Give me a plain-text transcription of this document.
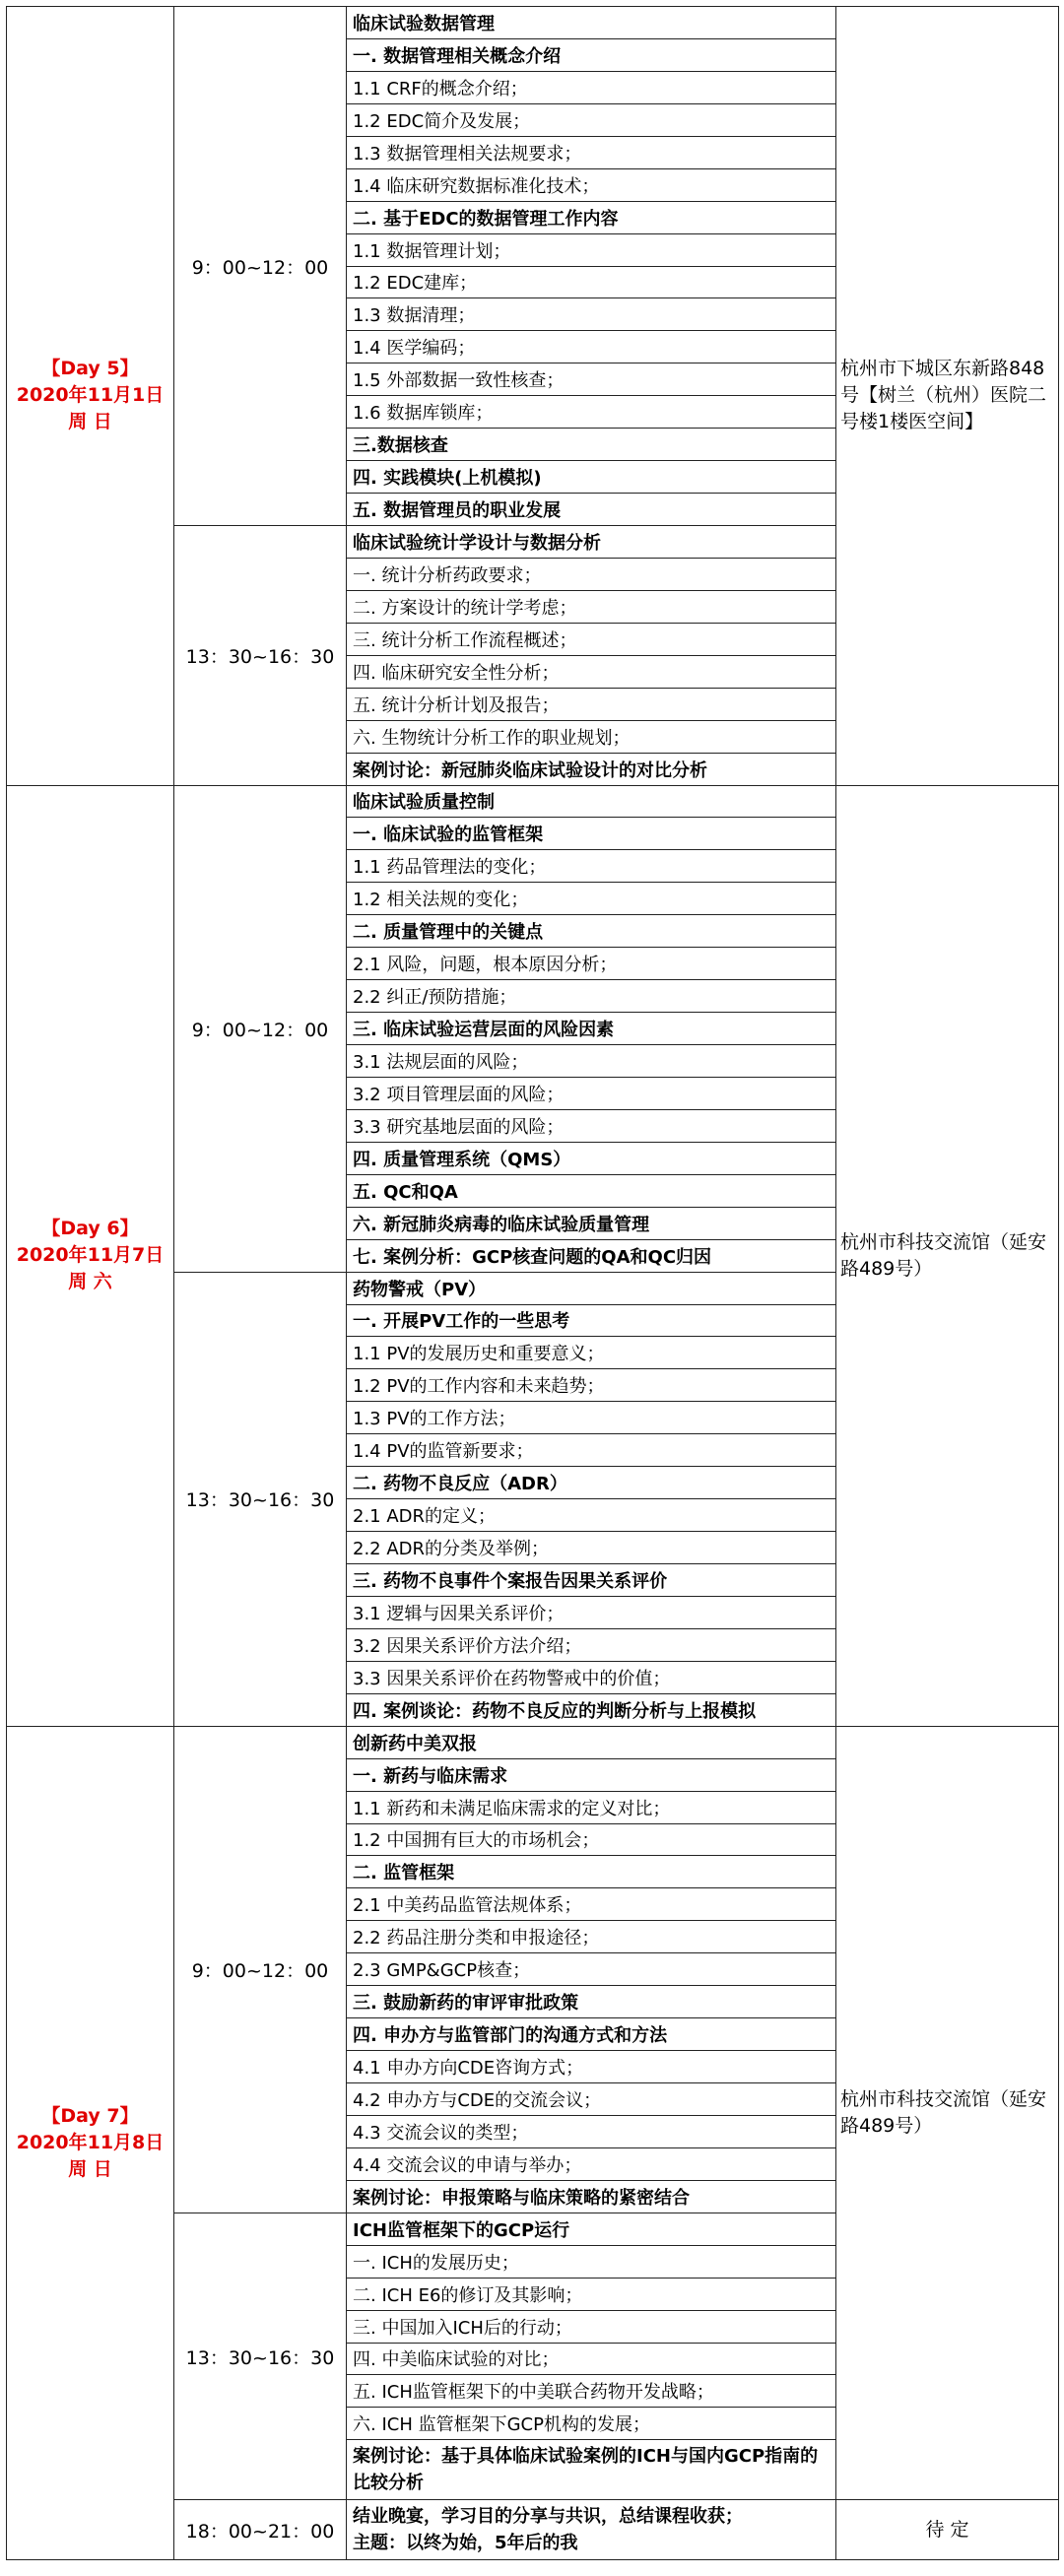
【Day 5】
2020年11月1日
周 日	9：00~12：00	临床试验数据管理	杭州市下城区东新路848号【树兰（杭州）医院二号楼1楼医空间】
		一. 数据管理相关概念介绍	
		1.1 CRF的概念介绍；	
		1.2 EDC简介及发展；	
		1.3 数据管理相关法规要求；	
		1.4 临床研究数据标准化技术；	
		二. 基于EDC的数据管理工作内容	
		1.1 数据管理计划；	
		1.2 EDC建库；	
		1.3 数据清理；	
		1.4 医学编码；	
		1.5 外部数据一致性核查；	
		1.6 数据库锁库；	
		三.数据核查	
		四. 实践模块(上机模拟)	
		五. 数据管理员的职业发展	
	13：30~16：30	临床试验统计学设计与数据分析	
		一. 统计分析药政要求；	
		二. 方案设计的统计学考虑；	
		三. 统计分析工作流程概述；	
		四. 临床研究安全性分析；	
		五. 统计分析计划及报告；	
		六. 生物统计分析工作的职业规划；	
		案例讨论：新冠肺炎临床试验设计的对比分析	

【Day 6】
2020年11月7日
周 六	9：00~12：00	临床试验质量控制	杭州市科技交流馆（延安路489号）
		一. 临床试验的监管框架	
		1.1 药品管理法的变化；	
		1.2 相关法规的变化；	
		二. 质量管理中的关键点	
		2.1 风险，问题，根本原因分析；	
		2.2 纠正/预防措施；	
		三. 临床试验运营层面的风险因素	
		3.1 法规层面的风险；	
		3.2 项目管理层面的风险；	
		3.3 研究基地层面的风险；	
		四. 质量管理系统（QMS）	
		五. QC和QA	
		六. 新冠肺炎病毒的临床试验质量管理	
		七. 案例分析：GCP核查问题的QA和QC归因	
	13：30~16：30	药物警戒（PV）	
		一. 开展PV工作的一些思考	
		1.1 PV的发展历史和重要意义；	
		1.2 PV的工作内容和未来趋势；	
		1.3 PV的工作方法；	
		1.4 PV的监管新要求；	
		二. 药物不良反应（ADR）	
		2.1 ADR的定义；	
		2.2 ADR的分类及举例；	
		三. 药物不良事件个案报告因果关系评价	
		3.1 逻辑与因果关系评价；	
		3.2 因果关系评价方法介绍；	
		3.3 因果关系评价在药物警戒中的价值；	
		四. 案例谈论：药物不良反应的判断分析与上报模拟	

【Day 7】
2020年11月8日
周 日	9：00~12：00	创新药中美双报	杭州市科技交流馆（延安路489号）
		一. 新药与临床需求	
		1.1 新药和未满足临床需求的定义对比；	
		1.2 中国拥有巨大的市场机会；	
		二. 监管框架	
		2.1 中美药品监管法规体系；	
		2.2 药品注册分类和申报途径；	
		2.3 GMP&GCP核查；	
		三. 鼓励新药的审评审批政策	
		四. 申办方与监管部门的沟通方式和方法	
		4.1 申办方向CDE咨询方式；	
		4.2 申办方与CDE的交流会议；	
		4.3 交流会议的类型；	
		4.4 交流会议的申请与举办；	
		案例讨论：申报策略与临床策略的紧密结合	
	13：30~16：30	ICH监管框架下的GCP运行	
		一. ICH的发展历史；	
		二. ICH E6的修订及其影响；	
		三. 中国加入ICH后的行动；	
		四. 中美临床试验的对比；	
		五. ICH监管框架下的中美联合药物开发战略；	
		六. ICH 监管框架下GCP机构的发展；	
		案例讨论：基于具体临床试验案例的ICH与国内GCP指南的比较分析	
	18：00~21：00	结业晚宴，学习目的分享与共识，总结课程收获；
主题：以终为始，5年后的我	待 定
